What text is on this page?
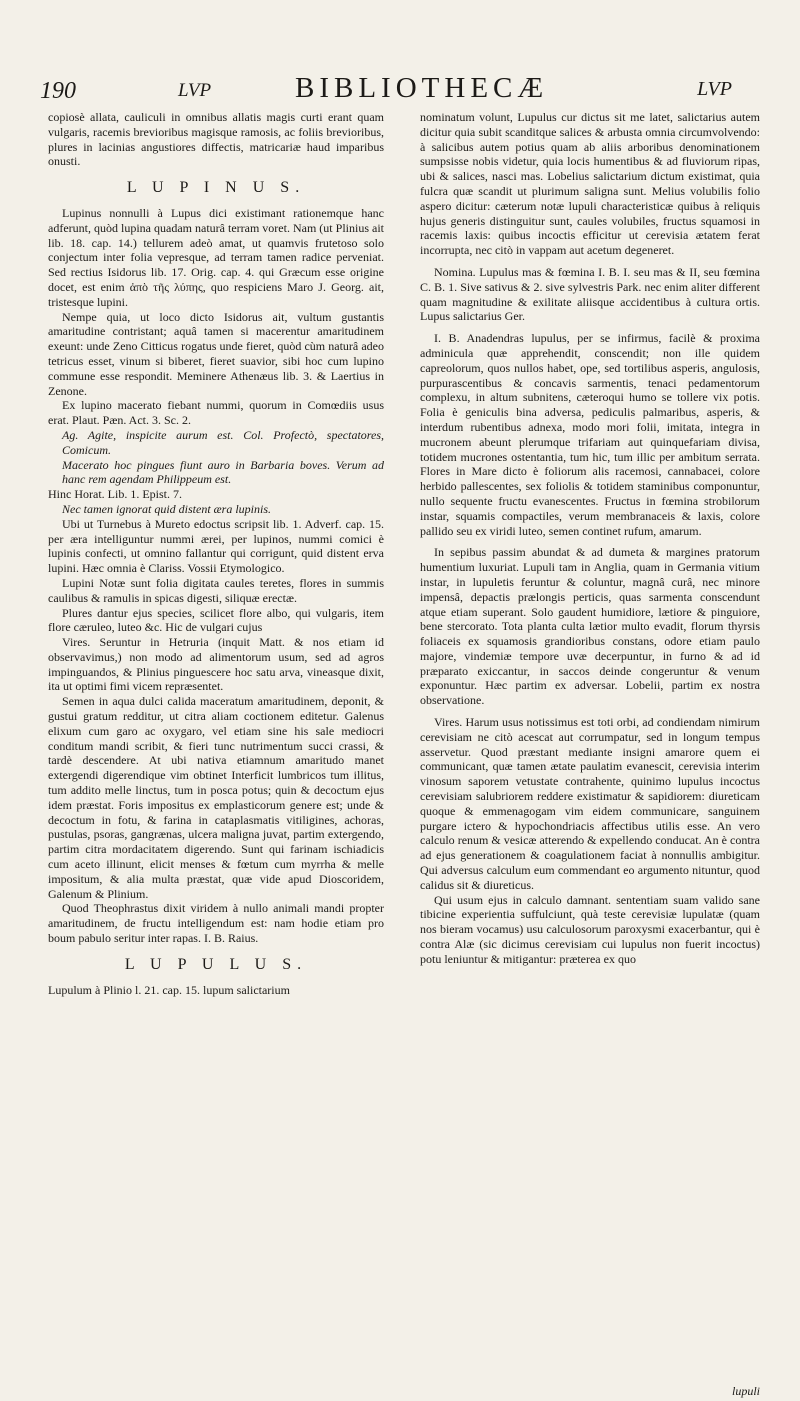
190	LVP	BIBLIOTHECÆ	LVP

copiosè allata, cauliculi in omnibus allatis magis curti erant quam vulgaris, racemis brevioribus magisque ramosis, ac foliis brevioribus, plures in lacinias angustiores diffectis, matricariæ haud imparibus onusti.

L U P I N U S.

Lupinus nonnulli à Lupus dici existimant rationemque hanc adferunt, quòd lupina quadam naturâ terram voret. Nam (ut Plinius ait lib. 18. cap. 14.) tellurem adeò amat, ut quamvis frutetoso solo conjectum inter folia vepresque, ad terram tamen radice perveniat. Sed rectius Isidorus lib. 17. Orig. cap. 4. qui Græcum esse origine docet, est enim ἀπὸ τῆς λύπης, quo respiciens Maro J. Georg. ait, tristesque lupini.

Nempe quia, ut loco dicto Isidorus ait, vultum gustantis amaritudine contristant; aquâ tamen si macerentur amaritudinem exeunt: unde Zeno Citticus rogatus unde fieret, quòd cùm naturâ adeo tetricus esset, vinum si biberet, fieret suavior, sibi hoc cum lupino commune esse respondit. Meminere Athenæus lib. 3. & Laertius in Zenone.

Ex lupino macerato fiebant nummi, quorum in Comœdiis usus erat. Plaut. Pæn. Act. 3. Sc. 2.

Ag. Agite, inspicite aurum est. Col. Profectò, spectatores, Comicum.

Macerato hoc pingues fiunt auro in Barbaria boves. Verum ad hanc rem agendam Philippeum est.

Hinc Horat. Lib. 1. Epist. 7.

Nec tamen ignorat quid distent æra lupinis.

Ubi ut Turnebus à Mureto edoctus scripsit lib. 1. Adverf. cap. 15. per æra intelliguntur nummi ærei, per lupinos, nummi comici è lupinis confecti, ut omnino fallantur qui corrigunt, quid distent erva lupini. Hæc omnia è Clariss. Vossii Etymologico.

Lupini Notæ sunt folia digitata caules teretes, flores in summis caulibus & ramulis in spicas digesti, siliquæ erectæ.

Plures dantur ejus species, scilicet flore albo, qui vulgaris, item flore cæruleo, luteo &c. Hic de vulgari cujus

Vires. Seruntur in Hetruria (inquit Matt. & nos etiam id observavimus,) non modo ad alimentorum usum, sed ad agros impinguandos, & Plinius pinguescere hoc satu arva, vineasque dixit, ita ut optimi fimi vicem repræsentet.

Semen in aqua dulci calida maceratum amaritudinem, deponit, & gustui gratum redditur, ut citra aliam coctionem editetur. Galenus elixum cum garo ac oxygaro, vel etiam sine his sale mediocri conditum mandi scribit, & fieri tunc nutrimentum succi crassi, & tardè descendere. At ubi nativa etiamnum amaritudo manet extergendi digerendique vim obtinet Interficit lumbricos tum illitus, tum addito melle linctus, tum in posca potus; quin & decoctum ejus idem præstat. Foris impositus ex emplasticorum genere est; unde & decoctum in fotu, & farina in cataplasmatis vitiligines, achoras, pustulas, psoras, gangrænas, ulcera maligna juvat, partim extergendo, partim citra mordacitatem digerendo. Sunt qui farinam ischiadicis cum aceto illinunt, elicit menses & fœtum cum myrrha & melle impositum, & alia multa præstat, quæ vide apud Dioscoridem, Galenum & Plinium.

Quod Theophrastus dixit viridem à nullo animali mandi propter amaritudinem, de fructu intelligendum est: nam hodie etiam pro boum pabulo seritur inter rapas. I. B. Raius.

L U P U L U S.

Lupulum à Plinio l. 21. cap. 15. lupum salictarium

nominatum volunt, Lupulus cur dictus sit me latet, salictarius autem dicitur quia subit scanditque salices & arbusta omnia circumvolvendo: à salicibus autem potius quam ab aliis arboribus denominationem sumpsisse nobis videtur, quia locis humentibus & ad fluviorum ripas, ubi & salices, nasci mas. Lobelius salictarium dictum existimat, quia fulcra quæ scandit ut plurimum saligna sunt. Melius volubilis folio aspero dicitur: cæterum notæ lupuli characteristicæ quibus à reliquis hujus generis distinguitur sunt, caules volubiles, fructus squamosi in racemis laxis: quibus incoctis efficitur ut cerevisia ætatem ferat incorrupta, nec citò in vappam aut acetum degeneret.

Nomina. Lupulus mas & fœmina I. B. I. seu mas & II, seu fœmina C. B. 1. Sive sativus & 2. sive sylvestris Park. nec enim aliter different quam magnitudine & exilitate aliisque accidentibus à cultura ortis. Lupus salictarius Ger.

I. B. Anadendras lupulus, per se infirmus, facilè & proxima adminicula quæ apprehendit, conscendit; non ille quidem capreolorum, quos nullos habet, ope, sed tortilibus asperis, angulosis, purpurascentibus & concavis sarmentis, tenaci pedamentorum complexu, in altum subnitens, cæteroqui humo se tollere vix potis. Folia è geniculis bina adversa, pediculis palmaribus, asperis, & interdum rubentibus adnexa, modo mori folii, imitata, integra in mucronem abeunt plerumque trifariam aut quinquefariam divisa, totidem mucrones ostentantia, tum hic, tum illic per ambitum serrata. Flores in Mare dicto è foliorum alis racemosi, cannabacei, colore herbido pallescentes, sex foliolis & totidem staminibus componuntur, nullo sequente fructu evanescentes. Fructus in fœmina strobilorum instar, squamis compactiles, verum membranaceis & laxis, colore pallido seu ex viridi luteo, semen continet rufum, amarum.

In sepibus passim abundat & ad dumeta & margines pratorum humentium luxuriat. Lupuli tam in Anglia, quam in Germania vitium instar, in lupuletis feruntur & coluntur, magnâ curâ, nec minore impensâ, depactis prælongis perticis, quas sarmenta conscendunt atque etiam superant. Solo gaudent humidiore, lætiore & pinguiore, bene stercorato. Tota planta culta lætior multo evadit, florum thyrsis foliaceis ex squamosis grandioribus constans, odore etiam paulo majore, vindemiæ tempore uvæ decerpuntur, in furno & ad id præparato exiccantur, in saccos deinde congeruntur & venum exponuntur. Hæc partim ex adversar. Lobelii, partim ex nostra observatione.

Vires. Harum usus notissimus est toti orbi, ad condiendam nimirum cerevisiam ne citò acescat aut corrumpatur, sed in longum tempus asservetur. Quod præstant mediante insigni amarore quem ei communicant, quæ tamen ætate paulatim evanescit, cerevisia interim vinosum saporem vetustate contrahente, quinimo lupulus incoctus cerevisiam salubriorem reddere existimatur & sapidiorem: diureticam quoque & emmenagogam vim eidem communicare, sanguinem purgare ictero & hypochondriacis affectibus utilis esse. An vero calculo renum & vesicæ atterendo & expellendo conducat. An è contra ad ejus generationem & coagulationem faciat à nonnullis ambigitur. Qui adversus calculum eum commendant eo argumento nituntur, quod calidus sit & diureticus.

Qui usum ejus in calculo damnant. sententiam suam valido sane tibicine experientia suffulciunt, quà teste cerevisiæ lupulatæ (quam nos bieram vocamus) usu calculosorum paroxysmi exacerbantur, qui è contra Alæ (sic dicimus cerevisiam cui lupulus non fuerit incoctus) potu leniuntur & mitigantur: præterea ex quo

lupuli
